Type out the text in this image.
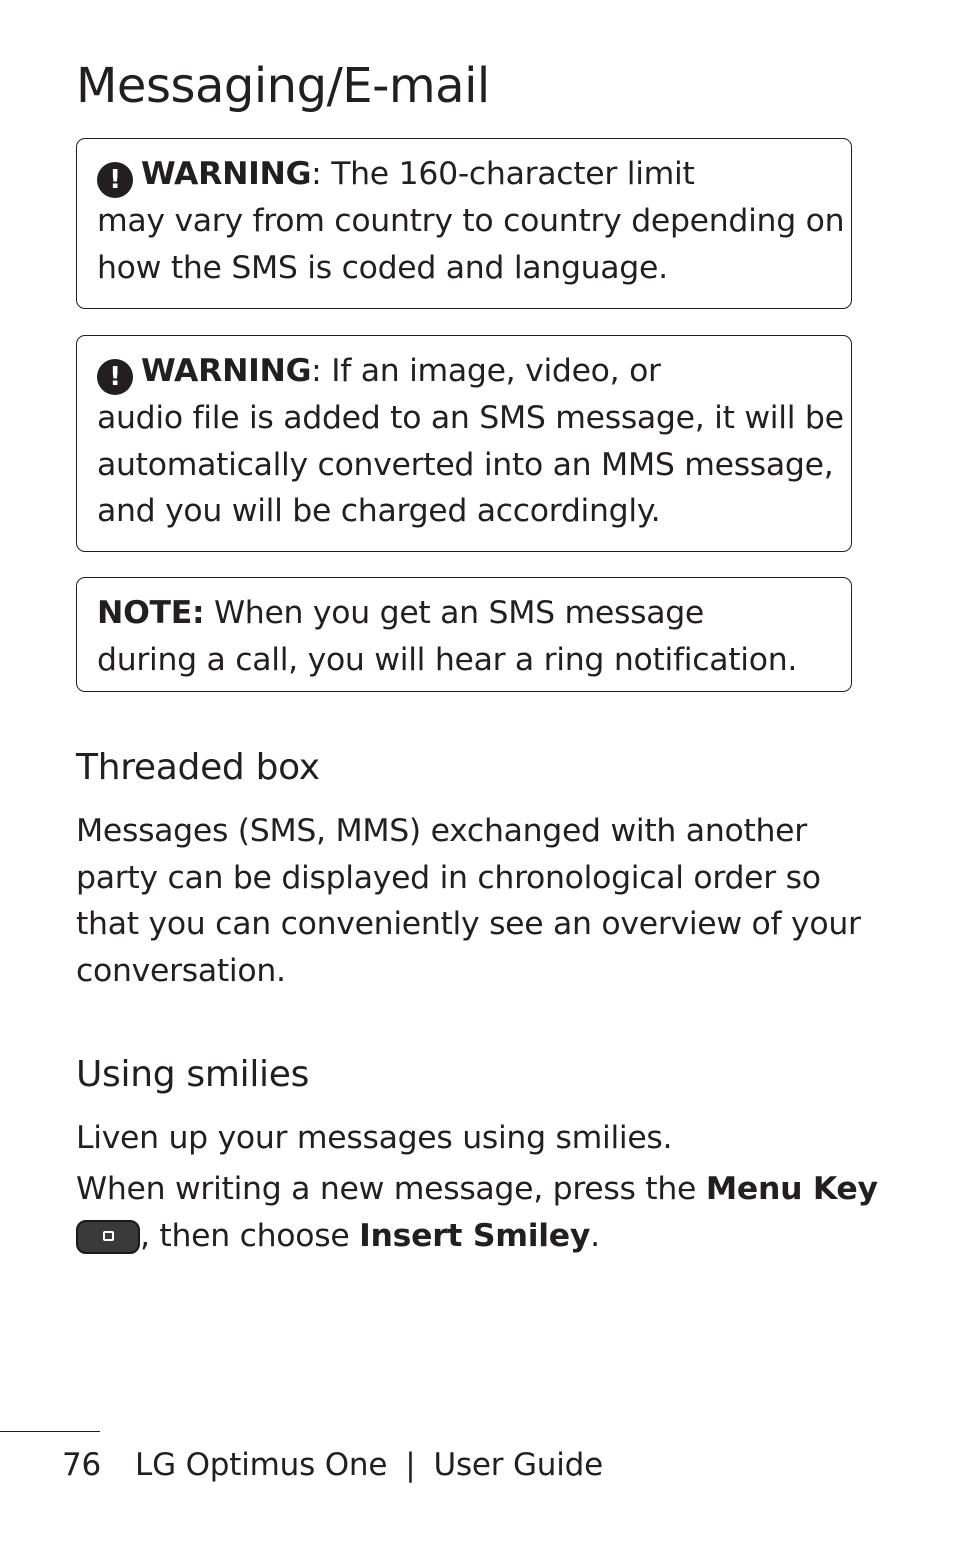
Messaging/E-mail

! WARNING: The 160-character limit

may vary from country to country depending on

how the SMS is coded and language.

! WARNING: If an image, video, or

audio file is added to an SMS message, it will be

automatically converted into an MMS message,

and you will be charged accordingly.

NOTE: When you get an SMS message

during a call, you will hear a ring notification.

Threaded box
Messages (SMS, MMS) exchanged with another
party can be displayed in chronological order so
that you can conveniently see an overview of your
conversation.
Using smilies
Liven up your messages using smilies.
When writing a new message, press the Menu Key
, then choose Insert Smiley.
76 LG Optimus One | User Guide
